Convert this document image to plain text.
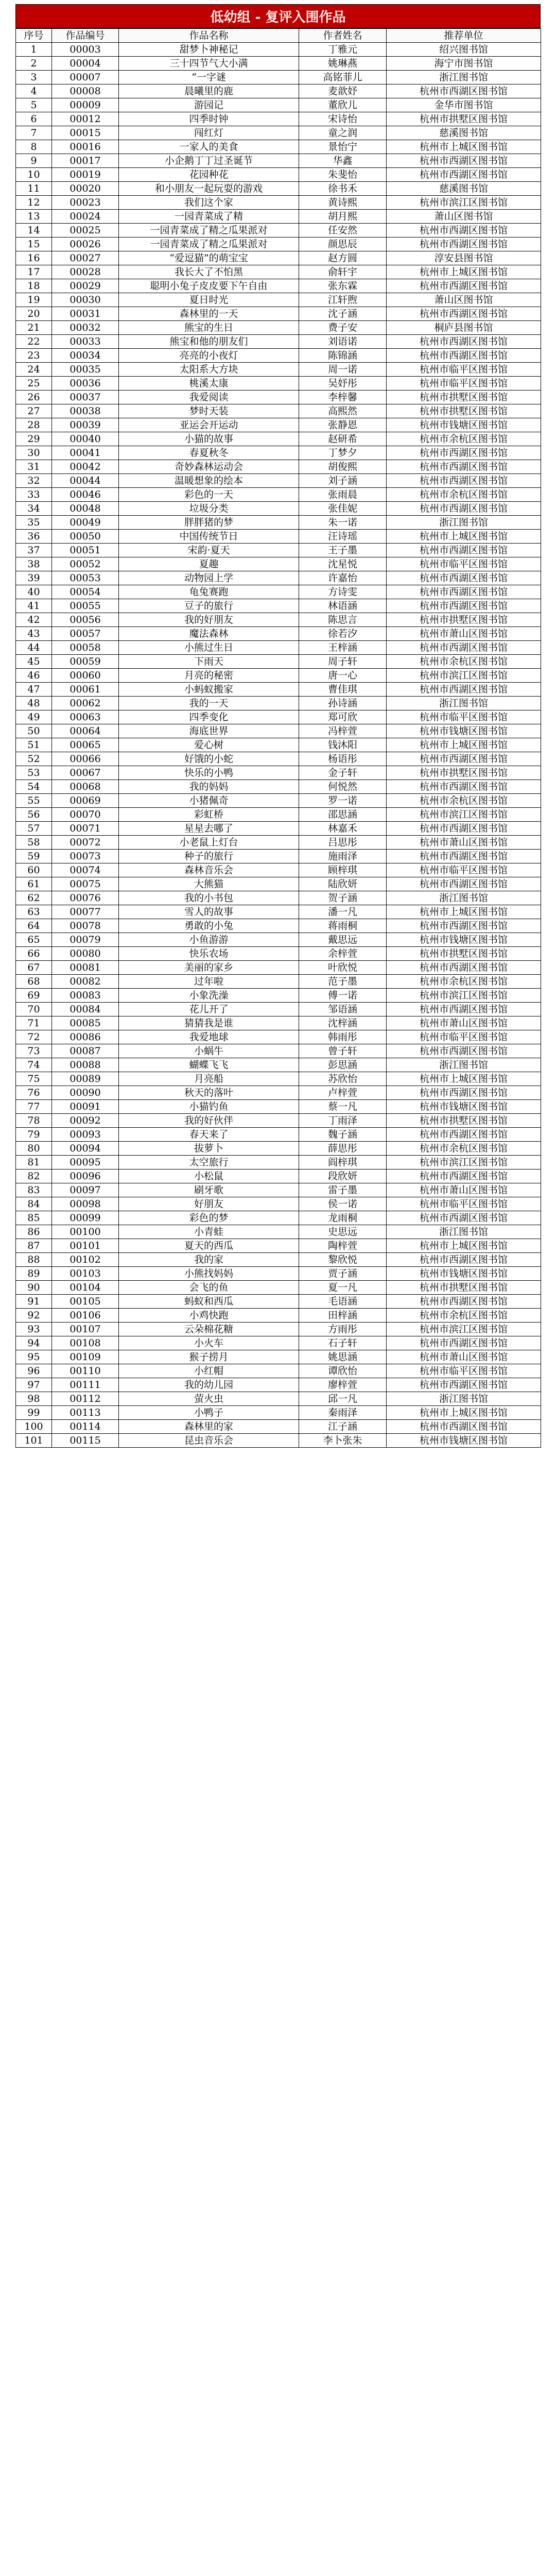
低幼组 - 复评入围作品
序号	作品编号	作品名称	作者姓名	推荐单位
1	00003	甜梦卜神秘记	丁雅元	绍兴图书馆
2	00004	三十四节气大小满	姚琳燕	海宁市图书馆
3	00007	“一字谜	高铭菲儿	浙江图书馆
4	00008	晨曦里的鹿	麦歆妤	杭州市西湖区图书馆
5	00009	游园记	董欣儿	金华市图书馆
6	00012	四季时钟	宋诗怡	杭州市拱墅区图书馆
7	00015	闯红灯	童之润	慈溪图书馆
8	00016	一家人的美食	景怡宁	杭州市上城区图书馆
9	00017	小企鹅丁丁过圣诞节	华鑫	杭州市西湖区图书馆
10	00019	花园种花	朱斐怡	杭州市西湖区图书馆
11	00020	和小朋友一起玩耍的游戏	徐书禾	慈溪图书馆
12	00023	我们这个家	黄诗熙	杭州市滨江区图书馆
13	00024	一园青菜成了精	胡月熙	萧山区图书馆
14	00025	一园青菜成了精之瓜果派对	任安然	杭州市西湖区图书馆
15	00026	一园青菜成了精之瓜果派对	颜思辰	杭州市西湖区图书馆
16	00027	“爱逗猫”的萌宝宝	赵方圆	淳安县图书馆
17	00028	我长大了不怕黑	俞轩宇	杭州市上城区图书馆
18	00029	聪明小兔子皮皮要下午自由	张东霖	杭州市西湖区图书馆
19	00030	夏日时光	江轩煦	萧山区图书馆
20	00031	森林里的一天	沈子涵	杭州市西湖区图书馆
21	00032	熊宝的生日	费子安	桐庐县图书馆
22	00033	熊宝和他的朋友们	刘语诺	杭州市西湖区图书馆
23	00034	亮亮的小夜灯	陈锦涵	杭州市西湖区图书馆
24	00035	太阳系大方块	周一诺	杭州市临平区图书馆
25	00036	桃溪太康	吴妤彤	杭州市临平区图书馆
26	00037	我爱阅读	李梓馨	杭州市拱墅区图书馆
27	00038	梦时天装	高熙然	杭州市拱墅区图书馆
28	00039	亚运会开运动	张静恩	杭州市钱塘区图书馆
29	00040	小猫的故事	赵研希	杭州市余杭区图书馆
30	00041	春夏秋冬	丁梦夕	杭州市西湖区图书馆
31	00042	奇妙森林运动会	胡俊熙	杭州市西湖区图书馆
32	00044	温暖想象的绘本	刘子涵	杭州市西湖区图书馆
33	00046	彩色的一天	张雨晨	杭州市余杭区图书馆
34	00048	垃圾分类	张佳妮	杭州市西湖区图书馆
35	00049	胖胖猪的梦	朱一诺	浙江图书馆
36	00050	中国传统节日	汪诗瑶	杭州市上城区图书馆
37	00051	宋韵·夏天	王子墨	杭州市西湖区图书馆
38	00052	夏趣	沈星悦	杭州市临平区图书馆
39	00053	动物园上学	许嘉怡	杭州市西湖区图书馆
40	00054	龟兔赛跑	方诗雯	杭州市西湖区图书馆
41	00055	豆子的旅行	林语涵	杭州市西湖区图书馆
42	00056	我的好朋友	陈思言	杭州市拱墅区图书馆
43	00057	魔法森林	徐若汐	杭州市萧山区图书馆
44	00058	小熊过生日	王梓涵	杭州市西湖区图书馆
45	00059	下雨天	周子轩	杭州市余杭区图书馆
46	00060	月亮的秘密	唐一心	杭州市滨江区图书馆
47	00061	小蚂蚁搬家	曹佳琪	杭州市西湖区图书馆
48	00062	我的一天	孙诗涵	浙江图书馆
49	00063	四季变化	郑可欣	杭州市临平区图书馆
50	00064	海底世界	冯梓萱	杭州市钱塘区图书馆
51	00065	爱心树	钱沐阳	杭州市上城区图书馆
52	00066	好饿的小蛇	杨语彤	杭州市西湖区图书馆
53	00067	快乐的小鸭	金子轩	杭州市拱墅区图书馆
54	00068	我的妈妈	何悦然	杭州市西湖区图书馆
55	00069	小猪佩奇	罗一诺	杭州市余杭区图书馆
56	00070	彩虹桥	邵思涵	杭州市滨江区图书馆
57	00071	星星去哪了	林嘉禾	杭州市西湖区图书馆
58	00072	小老鼠上灯台	吕思彤	杭州市萧山区图书馆
59	00073	种子的旅行	施雨泽	杭州市西湖区图书馆
60	00074	森林音乐会	顾梓琪	杭州市临平区图书馆
61	00075	大熊猫	陆欣妍	杭州市西湖区图书馆
62	00076	我的小书包	贺子涵	浙江图书馆
63	00077	雪人的故事	潘一凡	杭州市上城区图书馆
64	00078	勇敢的小兔	蒋雨桐	杭州市西湖区图书馆
65	00079	小鱼游游	戴思远	杭州市钱塘区图书馆
66	00080	快乐农场	余梓萱	杭州市拱墅区图书馆
67	00081	美丽的家乡	叶欣悦	杭州市西湖区图书馆
68	00082	过年啦	范子墨	杭州市余杭区图书馆
69	00083	小象洗澡	傅一诺	杭州市滨江区图书馆
70	00084	花儿开了	邹语涵	杭州市西湖区图书馆
71	00085	猜猜我是谁	沈梓涵	杭州市萧山区图书馆
72	00086	我爱地球	韩雨彤	杭州市临平区图书馆
73	00087	小蜗牛	曾子轩	杭州市西湖区图书馆
74	00088	蝴蝶飞飞	彭思涵	浙江图书馆
75	00089	月亮船	苏欣怡	杭州市上城区图书馆
76	00090	秋天的落叶	卢梓萱	杭州市西湖区图书馆
77	00091	小猫钓鱼	蔡一凡	杭州市钱塘区图书馆
78	00092	我的好伙伴	丁雨泽	杭州市拱墅区图书馆
79	00093	春天来了	魏子涵	杭州市西湖区图书馆
80	00094	拔萝卜	薛思彤	杭州市余杭区图书馆
81	00095	太空旅行	阎梓琪	杭州市滨江区图书馆
82	00096	小松鼠	段欣妍	杭州市西湖区图书馆
83	00097	刷牙歌	雷子墨	杭州市萧山区图书馆
84	00098	好朋友	侯一诺	杭州市临平区图书馆
85	00099	彩色的梦	龙雨桐	杭州市西湖区图书馆
86	00100	小青蛙	史思远	浙江图书馆
87	00101	夏天的西瓜	陶梓萱	杭州市上城区图书馆
88	00102	我的家	黎欣悦	杭州市西湖区图书馆
89	00103	小熊找妈妈	贾子涵	杭州市钱塘区图书馆
90	00104	会飞的鱼	夏一凡	杭州市拱墅区图书馆
91	00105	蚂蚁和西瓜	毛语涵	杭州市西湖区图书馆
92	00106	小鸡快跑	田梓涵	杭州市余杭区图书馆
93	00107	云朵棉花糖	方雨彤	杭州市滨江区图书馆
94	00108	小火车	石子轩	杭州市西湖区图书馆
95	00109	猴子捞月	姚思涵	杭州市萧山区图书馆
96	00110	小红帽	谭欣怡	杭州市临平区图书馆
97	00111	我的幼儿园	廖梓萱	杭州市西湖区图书馆
98	00112	萤火虫	邱一凡	浙江图书馆
99	00113	小鸭子	秦雨泽	杭州市上城区图书馆
100	00114	森林里的家	江子涵	杭州市西湖区图书馆
101	00115	昆虫音乐会	李卜张朱	杭州市钱塘区图书馆
